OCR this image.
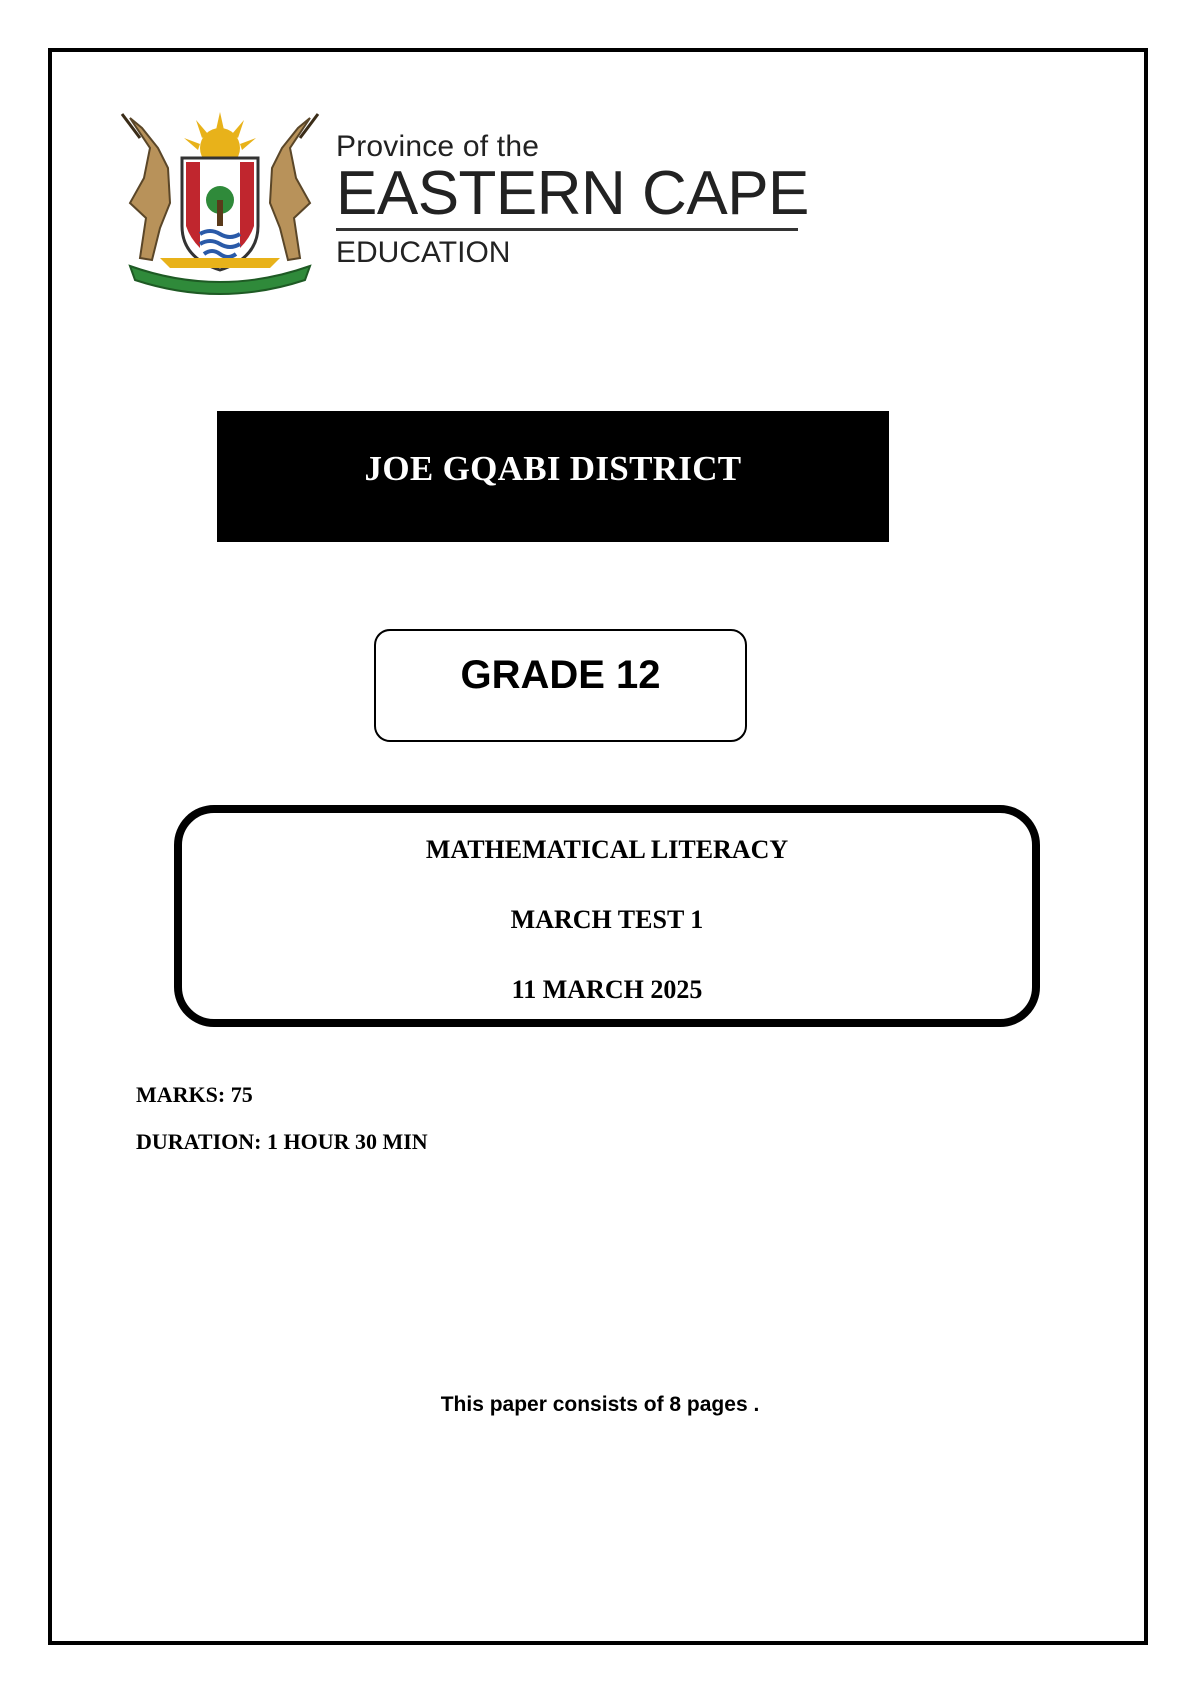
Province of the
EASTERN CAPE
EDUCATION
JOE GQABI DISTRICT
GRADE 12
MATHEMATICAL LITERACY
MARCH TEST 1
11 MARCH 2025
MARKS: 75
DURATION: 1 HOUR 30 MIN
This paper consists of 8 pages .
